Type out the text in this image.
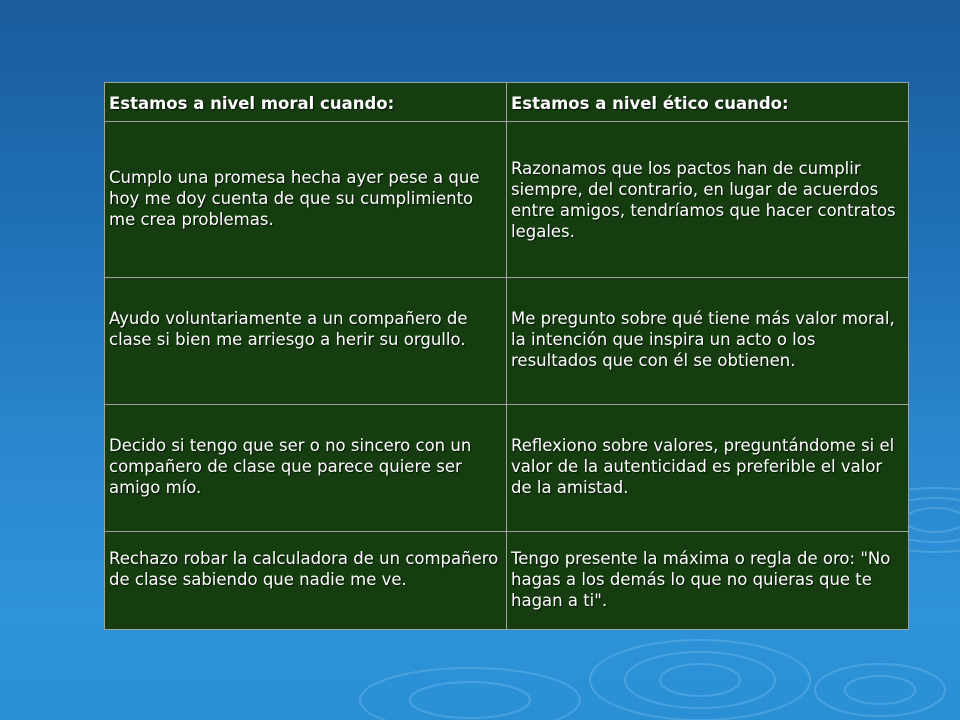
Estamos a nivel moral cuando:	Estamos a nivel ético cuando:
Cumplo una promesa hecha ayer pese a que hoy me doy cuenta de que su cumplimiento me crea problemas.	Razonamos que los pactos han de cumplir siempre, del contrario, en lugar de acuerdos entre amigos, tendríamos que hacer contratos legales.
Ayudo voluntariamente a un compañero de clase si bien me arriesgo a herir su orgullo.	Me pregunto sobre qué tiene más valor moral, la intención que inspira un acto o los resultados que con él se obtienen.
Decido si tengo que ser o no sincero con un compañero de clase que parece quiere ser amigo mío.	Reflexiono sobre valores, preguntándome si el valor de la autenticidad es preferible el valor de la amistad.
Rechazo robar la calculadora de un compañero de clase sabiendo que nadie me ve.	Tengo presente la máxima o regla de oro: "No hagas a los demás lo que no quieras que te hagan a ti".
